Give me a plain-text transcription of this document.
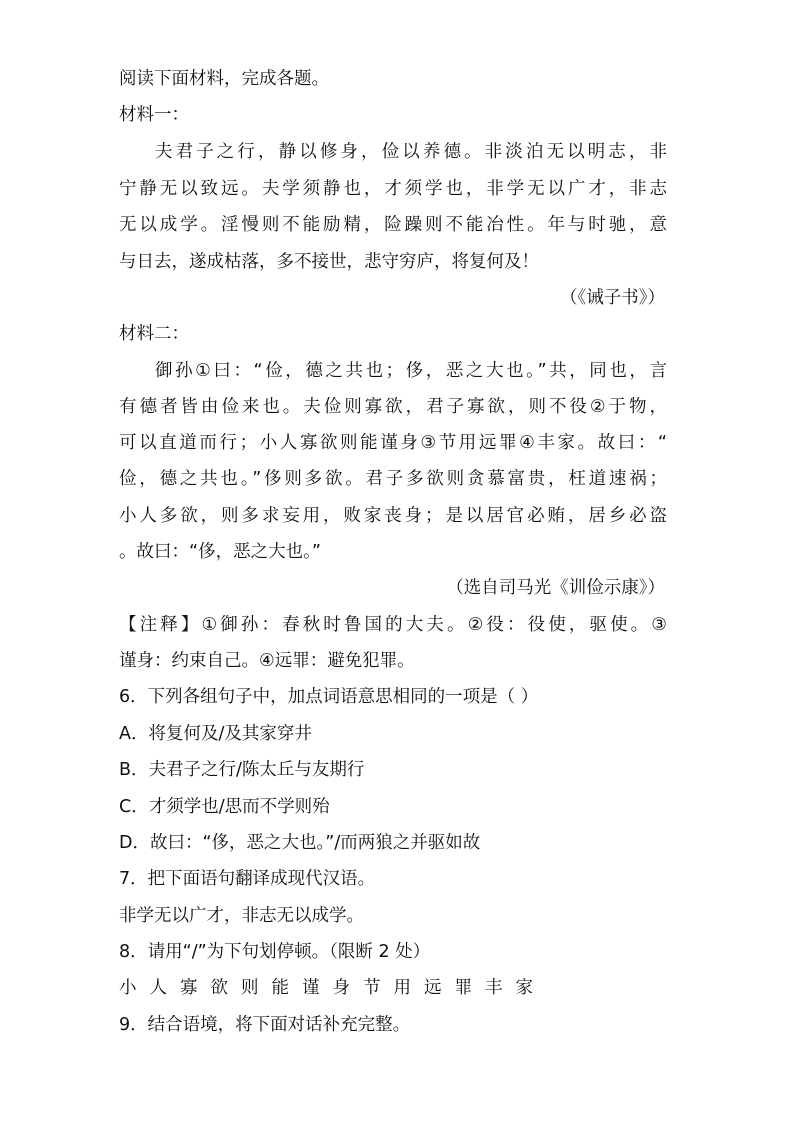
阅读下面材料，完成各题。
材料一：
夫君子之行，静以修身，俭以养德。非淡泊无以明志，非
宁静无以致远。夫学须静也，才须学也，非学无以广才，非志
无以成学。淫慢则不能励精，险躁则不能冶性。年与时驰，意
与日去，遂成枯落，多不接世，悲守穷庐，将复何及！
（《诫子书》）
材料二：
御孙①曰：“俭，德之共也；侈，恶之大也。”共，同也，言
有德者皆由俭来也。夫俭则寡欲，君子寡欲，则不役②于物，
可以直道而行；小人寡欲则能谨身③节用远罪④丰家。故曰：“
俭，德之共也。”侈则多欲。君子多欲则贪慕富贵，枉道速祸；
小人多欲，则多求妄用，败家丧身；是以居官必贿，居乡必盗
。故曰：“侈，恶之大也。”
（选自司马光《训俭示康》）
【注释】①御孙：春秋时鲁国的大夫。②役：役使，驱使。③
谨身：约束自己。④远罪：避免犯罪。
6．下列各组句子中，加点词语意思相同的一项是（ ）
A．将复何及/及其家穿井
B．夫君子之行/陈太丘与友期行
C．才须学也/思而不学则殆
D．故曰：“侈，恶之大也。”/而两狼之并驱如故
7．把下面语句翻译成现代汉语。
非学无以广才，非志无以成学。
8．请用“/”为下句划停顿。（限断 2 处）
小人寡欲则能谨身节用远罪丰家
9．结合语境，将下面对话补充完整。
